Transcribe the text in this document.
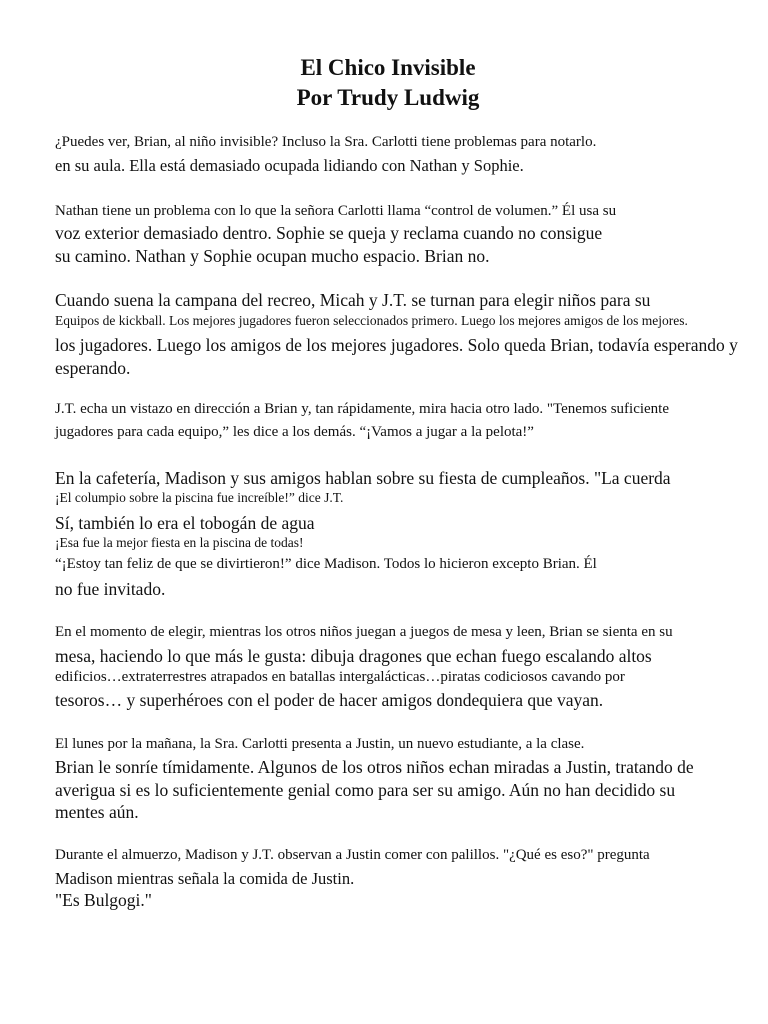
El Chico Invisible
Por Trudy Ludwig
¿Puedes ver, Brian, al niño invisible? Incluso la Sra. Carlotti tiene problemas para notarlo.
en su aula. Ella está demasiado ocupada lidiando con Nathan y Sophie.
Nathan tiene un problema con lo que la señora Carlotti llama “control de volumen.” Él usa su
voz exterior demasiado dentro. Sophie se queja y reclama cuando no consigue
su camino. Nathan y Sophie ocupan mucho espacio. Brian no.
Cuando suena la campana del recreo, Micah y J.T. se turnan para elegir niños para su
Equipos de kickball. Los mejores jugadores fueron seleccionados primero. Luego los mejores amigos de los mejores.
los jugadores. Luego los amigos de los mejores jugadores. Solo queda Brian, todavía esperando y
esperando.
J.T. echa un vistazo en dirección a Brian y, tan rápidamente, mira hacia otro lado. "Tenemos suficiente
jugadores para cada equipo,” les dice a los demás. “¡Vamos a jugar a la pelota!”
En la cafetería, Madison y sus amigos hablan sobre su fiesta de cumpleaños. "La cuerda
¡El columpio sobre la piscina fue increíble!” dice J.T.
Sí, también lo era el tobogán de agua
¡Esa fue la mejor fiesta en la piscina de todas!
“¡Estoy tan feliz de que se divirtieron!” dice Madison. Todos lo hicieron excepto Brian. Él
no fue invitado.
En el momento de elegir, mientras los otros niños juegan a juegos de mesa y leen, Brian se sienta en su
mesa, haciendo lo que más le gusta: dibuja dragones que echan fuego escalando altos
edificios…extraterrestres atrapados en batallas intergalácticas…piratas codiciosos cavando por
tesoros… y superhéroes con el poder de hacer amigos dondequiera que vayan.
El lunes por la mañana, la Sra. Carlotti presenta a Justin, un nuevo estudiante, a la clase.
Brian le sonríe tímidamente. Algunos de los otros niños echan miradas a Justin, tratando de
averigua si es lo suficientemente genial como para ser su amigo. Aún no han decidido su
mentes aún.
Durante el almuerzo, Madison y J.T. observan a Justin comer con palillos. "¿Qué es eso?" pregunta
Madison mientras señala la comida de Justin.
"Es Bulgogi."
